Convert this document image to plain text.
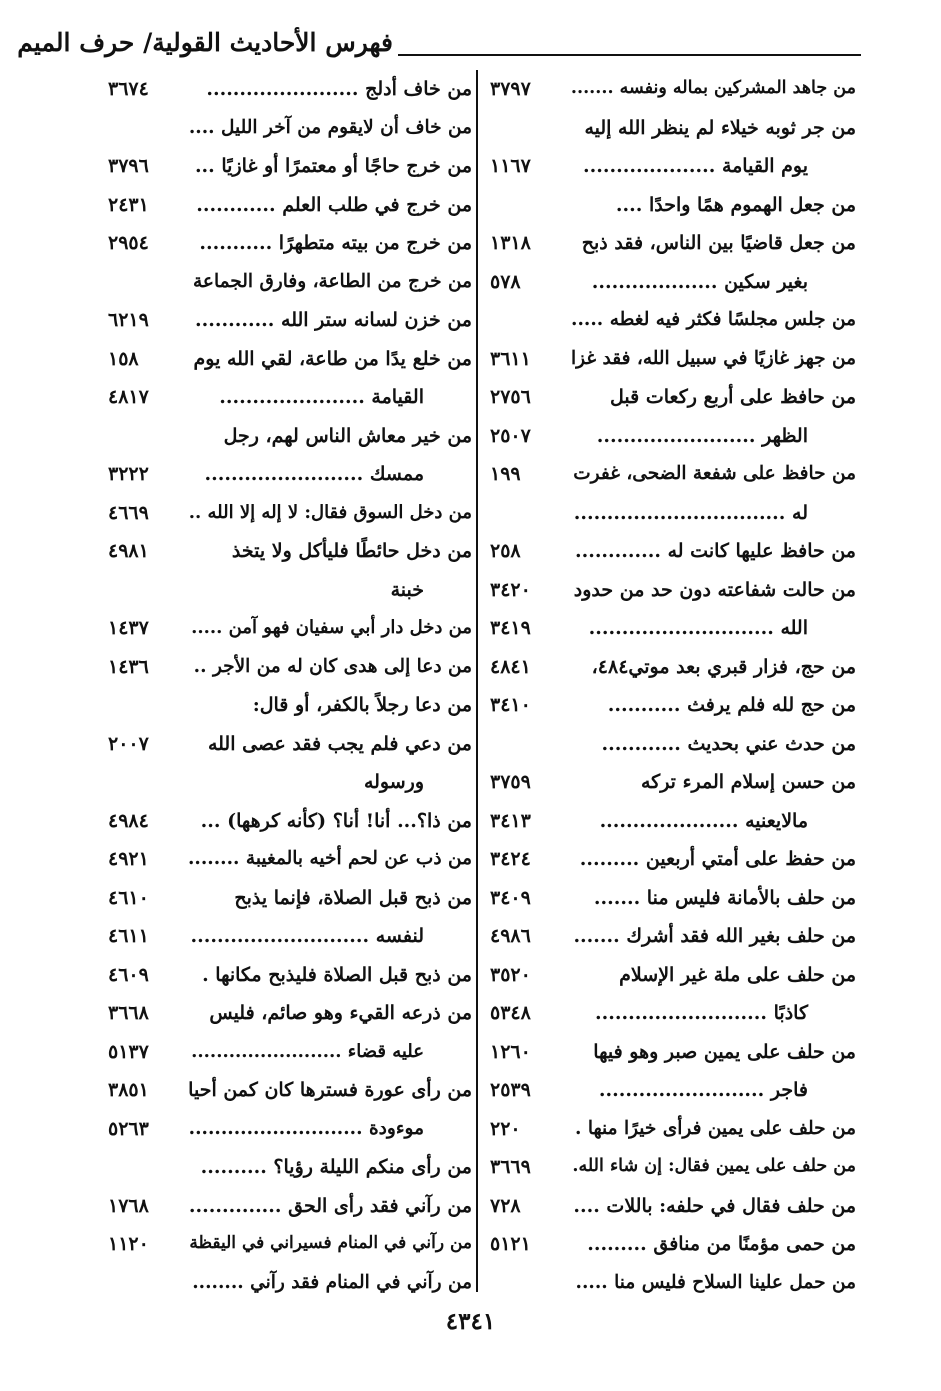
فهرس الأحاديث القولية/ حرف الميم
من جاهد المشركين بماله ونفسه .......
٣٧٩٧
من جر ثوبه خيلاء لم ينظر الله إليه
يوم القيامة ....................
١١٦٧
من جعل الهموم همًا واحدًا ....
من جعل قاضيًا بين الناس، فقد ذبح
١٣١٨
بغير سكين ...................
٥٧٨
من جلس مجلسًا فكثر فيه لغطه .....
من جهز غازيًا في سبيل الله، فقد غزا
٣٦١١
من حافظ على أربع ركعات قبل
٢٧٥٦
الظهر ........................
٢٥٠٧
من حافظ على شفعة الضحى، غفرت
١٩٩
له ................................
من حافظ عليها كانت له .............
٢٥٨
من حالت شفاعته دون حد من حدود
٣٤٢٠
الله ............................
٣٤١٩
من حج، فزار قبري بعد موتي٤٨٤،
٤٨٤١
من حج لله فلم يرفث ...........
٣٤١٠
من حدث عني بحديث ............
من حسن إسلام المرء تركه
٣٧٥٩
مالايعنيه .....................
٣٤١٣
من حفظ على أمتي أربعين .........
٣٤٢٤
من حلف بالأمانة فليس منا .......
٣٤٠٩
من حلف بغير الله فقد أشرك .......
٤٩٨٦
من حلف على ملة غير الإسلام
٣٥٢٠
كاذبًا ..........................
٥٣٤٨
من حلف على يمين صبر وهو فيها
١٢٦٠
فاجر .........................
٢٥٣٩
من حلف على يمين فرأى خيرًا منها .
٢٢٠
من حلف على يمين فقال: إن شاء الله.
٣٦٦٩
من حلف فقال في حلفه: باللات ....
٧٢٨
من حمى مؤمنًا من منافق .........
٥١٢١
من حمل علينا السلاح فليس منا .....
من خاف أدلج .......................
٣٦٧٤
من خاف أن لايقوم من آخر الليل ....
من خرج حاجًا أو معتمرًا أو غازيًا ...
٣٧٩٦
من خرج في طلب العلم ............
٢٤٣١
من خرج من بيته متطهرًا ...........
٢٩٥٤
من خرج من الطاعة، وفارق الجماعة
من خزن لسانه ستر الله ............
٦٢١٩
من خلع يدًا من طاعة، لقي الله يوم
١٥٨
القيامة ......................
٤٨١٧
من خير معاش الناس لهم، رجل
ممسك ........................
٣٢٢٢
من دخل السوق فقال: لا إله إلا الله ..
٤٦٦٩
من دخل حائطًا فليأكل ولا يتخذ
٤٩٨١
خبنة
من دخل دار أبي سفيان فهو آمن .....
١٤٣٧
من دعا إلى هدى كان له من الأجر ..
١٤٣٦
من دعا رجلاً بالكفر، أو قال:
من دعي فلم يجب فقد عصى الله
٢٠٠٧
ورسوله
من ذا؟... أنا! أنا؟ (كأنه كرهها) ...
٤٩٨٤
من ذب عن لحم أخيه بالمغيبة ........
٤٩٢١
من ذبح قبل الصلاة، فإنما يذبح
٤٦١٠
لنفسه ...........................
٤٦١١
من ذبح قبل الصلاة فليذبح مكانها .
٤٦٠٩
من ذرعه القيء وهو صائم، فليس
٣٦٦٨
عليه قضاء ........................
٥١٣٧
من رأى عورة فسترها كان كمن أحيا
٣٨٥١
موءودة ...........................
٥٢٦٣
من رأى منكم الليلة رؤيا؟ ..........
من رآني فقد رأى الحق ..............
١٧٦٨
من رآني في المنام فسيراني في اليقظة
١١٢٠
من رآني في المنام فقد رآني ........
٤٣٤١
